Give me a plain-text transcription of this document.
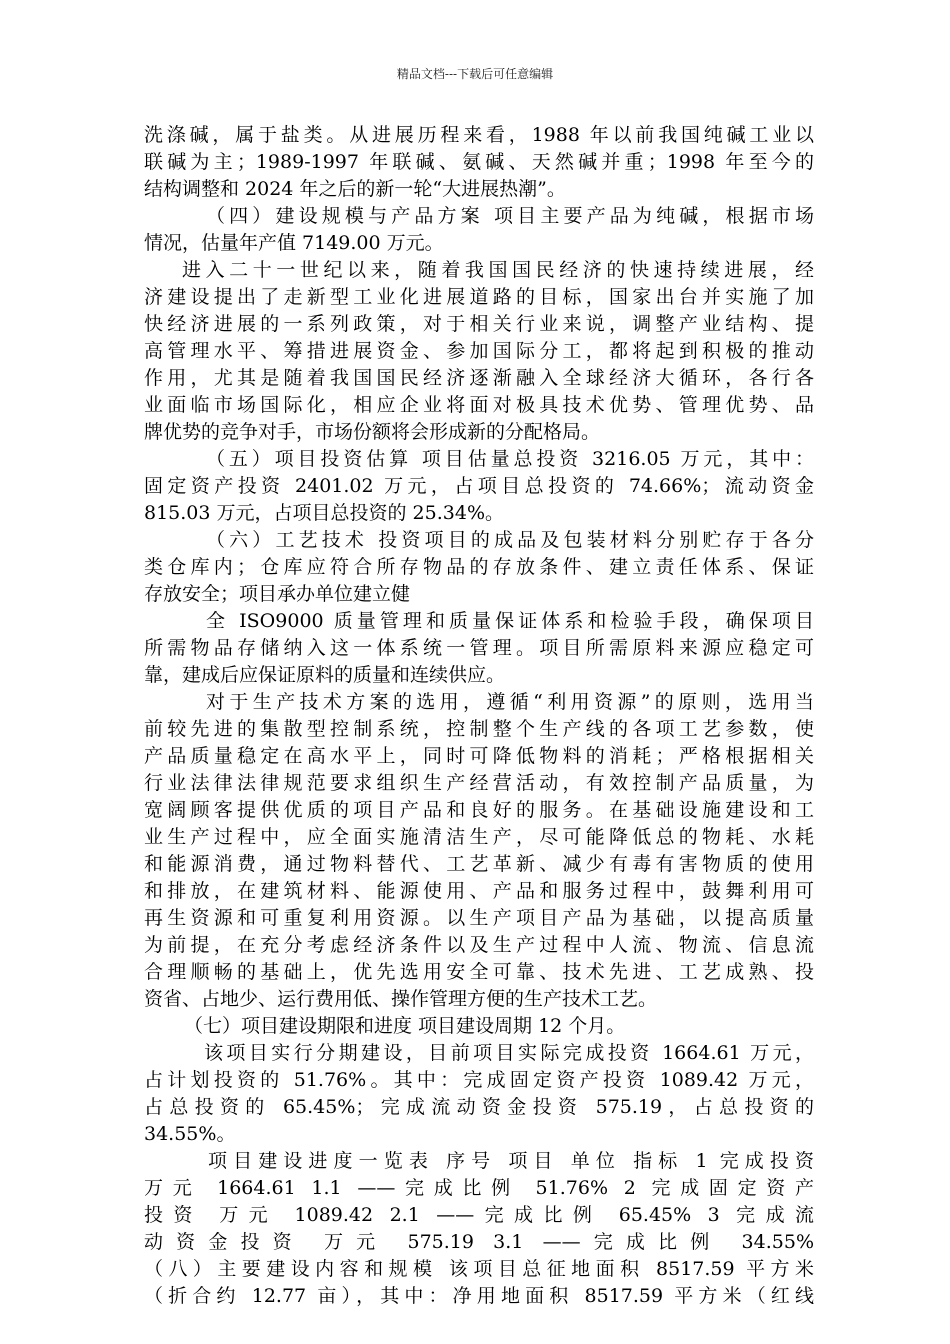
精品文档---下载后可任意编辑
洗涤碱，属于盐类。从进展历程来看，1988 年以前我国纯碱工业以
联碱为主；1989-1997 年联碱、氨碱、天然碱并重；1998 年至今的
结构调整和 2024 年之后的新一轮“大进展热潮”。
（四）建设规模与产品方案 项目主要产品为纯碱，根据市场
情况，估量年产值 7149.00 万元。
进入二十一世纪以来，随着我国国民经济的快速持续进展，经
济建设提出了走新型工业化进展道路的目标，国家出台并实施了加
快经济进展的一系列政策，对于相关行业来说，调整产业结构、提
高管理水平、筹措进展资金、参加国际分工，都将起到积极的推动
作用，尤其是随着我国国民经济逐渐融入全球经济大循环，各行各
业面临市场国际化，相应企业将面对极具技术优势、管理优势、品
牌优势的竞争对手，市场份额将会形成新的分配格局。
（五）项目投资估算 项目估量总投资 3216.05 万元，其中：
固定资产投资 2401.02 万元，占项目总投资的 74.66%；流动资金
815.03 万元，占项目总投资的 25.34%。
（六）工艺技术 投资项目的成品及包装材料分别贮存于各分
类仓库内；仓库应符合所存物品的存放条件、建立责任体系、保证
存放安全；项目承办单位建立健
全 ISO9000 质量管理和质量保证体系和检验手段，确保项目
所需物品存储纳入这一体系统一管理。项目所需原料来源应稳定可
靠，建成后应保证原料的质量和连续供应。
对于生产技术方案的选用，遵循“利用资源”的原则，选用当
前较先进的集散型控制系统，控制整个生产线的各项工艺参数，使
产品质量稳定在高水平上，同时可降低物料的消耗；严格根据相关
行业法律法律规范要求组织生产经营活动，有效控制产品质量，为
宽阔顾客提供优质的项目产品和良好的服务。在基础设施建设和工
业生产过程中，应全面实施清洁生产，尽可能降低总的物耗、水耗
和能源消费，通过物料替代、工艺革新、减少有毒有害物质的使用
和排放，在建筑材料、能源使用、产品和服务过程中，鼓舞利用可
再生资源和可重复利用资源。以生产项目产品为基础，以提高质量
为前提，在充分考虑经济条件以及生产过程中人流、物流、信息流
合理顺畅的基础上，优先选用安全可靠、技术先进、工艺成熟、投
资省、占地少、运行费用低、操作管理方便的生产技术工艺。
（七）项目建设期限和进度 项目建设周期 12 个月。
该项目实行分期建设，目前项目实际完成投资 1664.61 万元，
占计划投资的 51.76%。其中：完成固定资产投资 1089.42 万元，
占总投资的 65.45%；完成流动资金投资 575.19，占总投资的
34.55%。
项目建设进度一览表 序号 项目 单位 指标 1 完成投资
万元 1664.61 1.1 ——完成比例 51.76% 2 完成固定资产
投资 万元 1089.42 2.1 ——完成比例 65.45% 3 完成流
动资金投资 万元 575.19 3.1 ——完成比例 34.55%
（八）主要建设内容和规模 该项目总征地面积 8517.59 平方米
（折合约 12.77 亩），其中：净用地面积 8517.59 平方米（红线
